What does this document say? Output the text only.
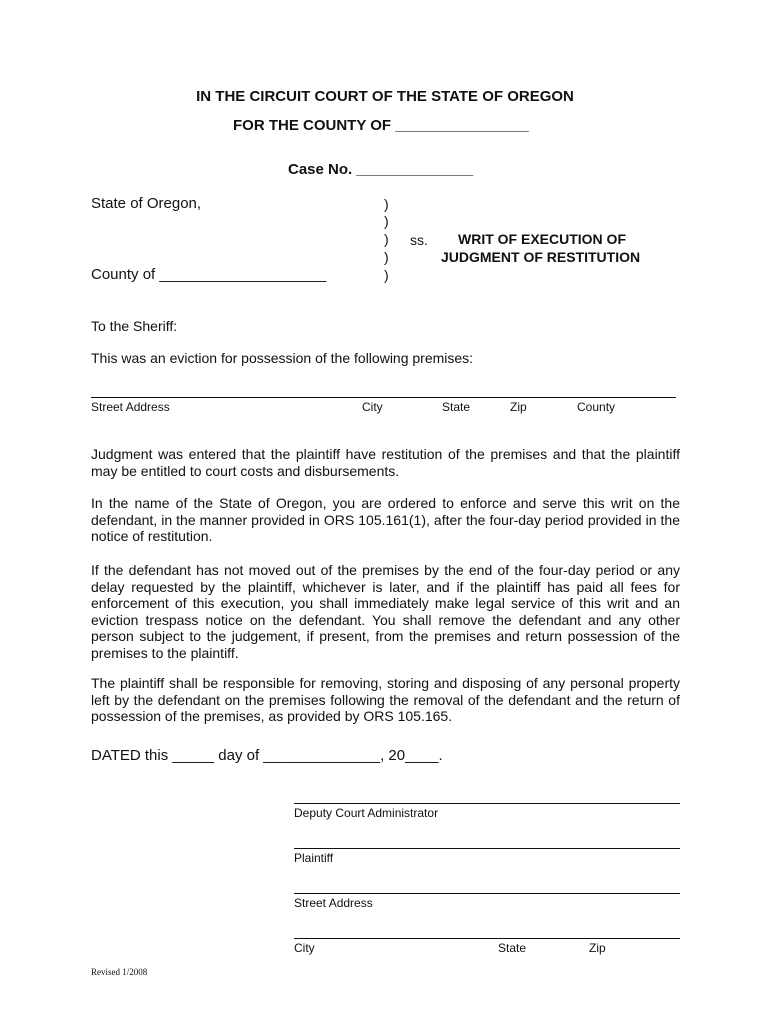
IN THE CIRCUIT COURT OF THE STATE OF OREGON
FOR THE COUNTY OF ________________
Case No. ______________
State of Oregon,
County of ____________________
)
)
)
)
)
ss. WRIT OF EXECUTION OF
JUDGMENT OF RESTITUTION
To the Sheriff:
This was an eviction for possession of the following premises:
Street Address	City	State	Zip	County
Judgment was entered that the plaintiff have restitution of the premises and that the plaintiff may be entitled to court costs and disbursements.
In the name of the State of Oregon, you are ordered to enforce and serve this writ on the defendant, in the manner provided in ORS 105.161(1), after the four-day period provided in the notice of restitution.
If the defendant has not moved out of the premises by the end of the four-day period or any delay requested by the plaintiff, whichever is later, and if the plaintiff has paid all fees for enforcement of this execution, you shall immediately make legal service of this writ and an eviction trespass notice on the defendant. You shall remove the defendant and any other person subject to the judgement, if present, from the premises and return possession of the premises to the plaintiff.
The plaintiff shall be responsible for removing, storing and disposing of any personal property left by the defendant on the premises following the removal of the defendant and the return of possession of the premises, as provided by ORS 105.165.
DATED this _____ day of ______________, 20____.
Deputy Court Administrator
Plaintiff
Street Address
City	State	Zip
Revised 1/2008
